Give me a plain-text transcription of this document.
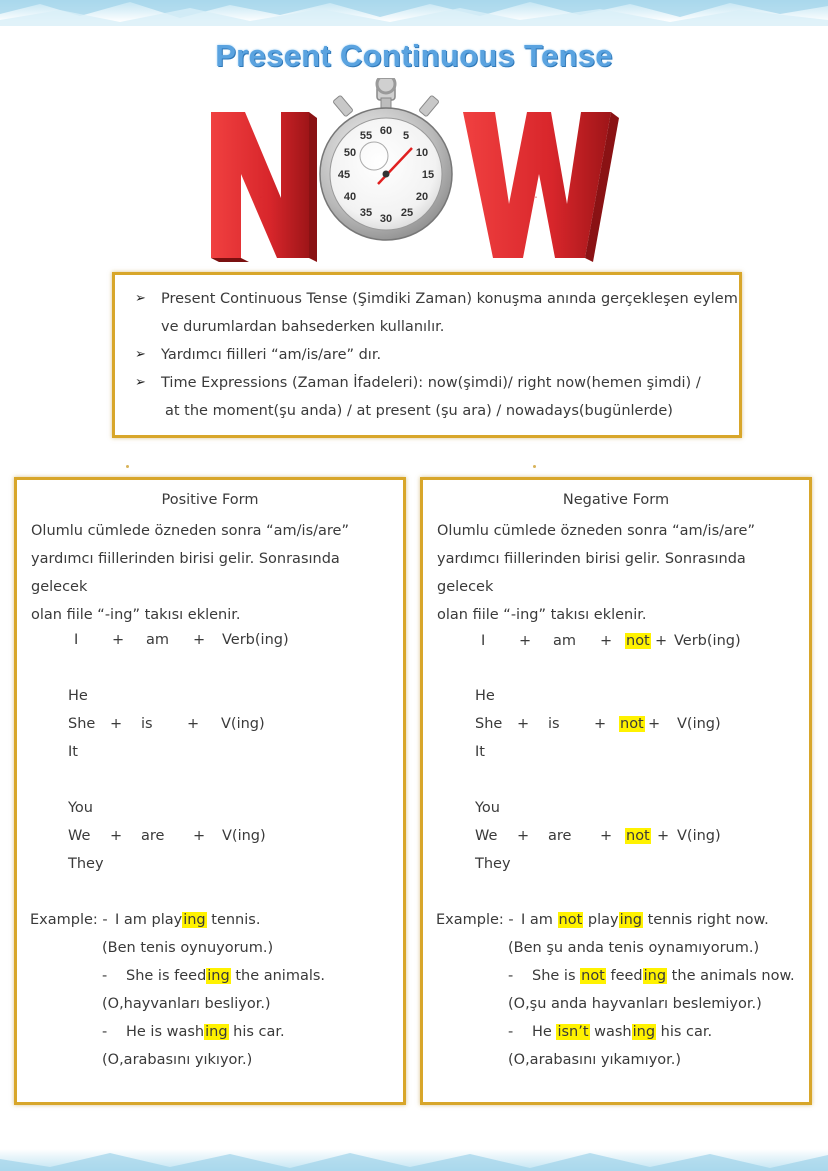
Present Continuous Tense
N	W
60 5
10
15
20
25
30
35
40
45
50
55
➢ Present Continuous Tense (Şimdiki Zaman) konuşma anında gerçekleşen eylem
ve durumlardan bahsederken kullanılır.
➢ Yardımcı fiilleri “am/is/are” dır.
➢ Time Expressions (Zaman İfadeleri): now(şimdi)/ right now(hemen şimdi) /
at the moment(şu anda) / at present (şu ara) / nowadays(bugünlerde)
Positive Form
Olumlu cümlede özneden sonra “am/is/are”
yardımcı fiillerinden birisi gelir. Sonrasında gelecek
olan fiile “-ing” takısı eklenir.
I + am + Verb(ing)
He
She
It
+ is + V(ing)
You
We
They
+ are + V(ing)
Example: - I am playing tennis.
(Ben tenis oynuyorum.)
- She is feeding the animals.
(O,hayvanları besliyor.)
- He is washing his car.
(O,arabasını yıkıyor.)
Negative Form
Olumlu cümlede özneden sonra “am/is/are”
yardımcı fiillerinden birisi gelir. Sonrasında gelecek
olan fiile “-ing” takısı eklenir.
I + am + not + Verb(ing)
He
She
It
+ is + not + V(ing)
You
We
They
+ are + not + V(ing)
Example: - I am not playing tennis right now.
(Ben şu anda tenis oynamıyorum.)
- She is not feeding the animals now.
(O,şu anda hayvanları beslemiyor.)
- He isn’t washing his car.
(O,arabasını yıkamıyor.)
